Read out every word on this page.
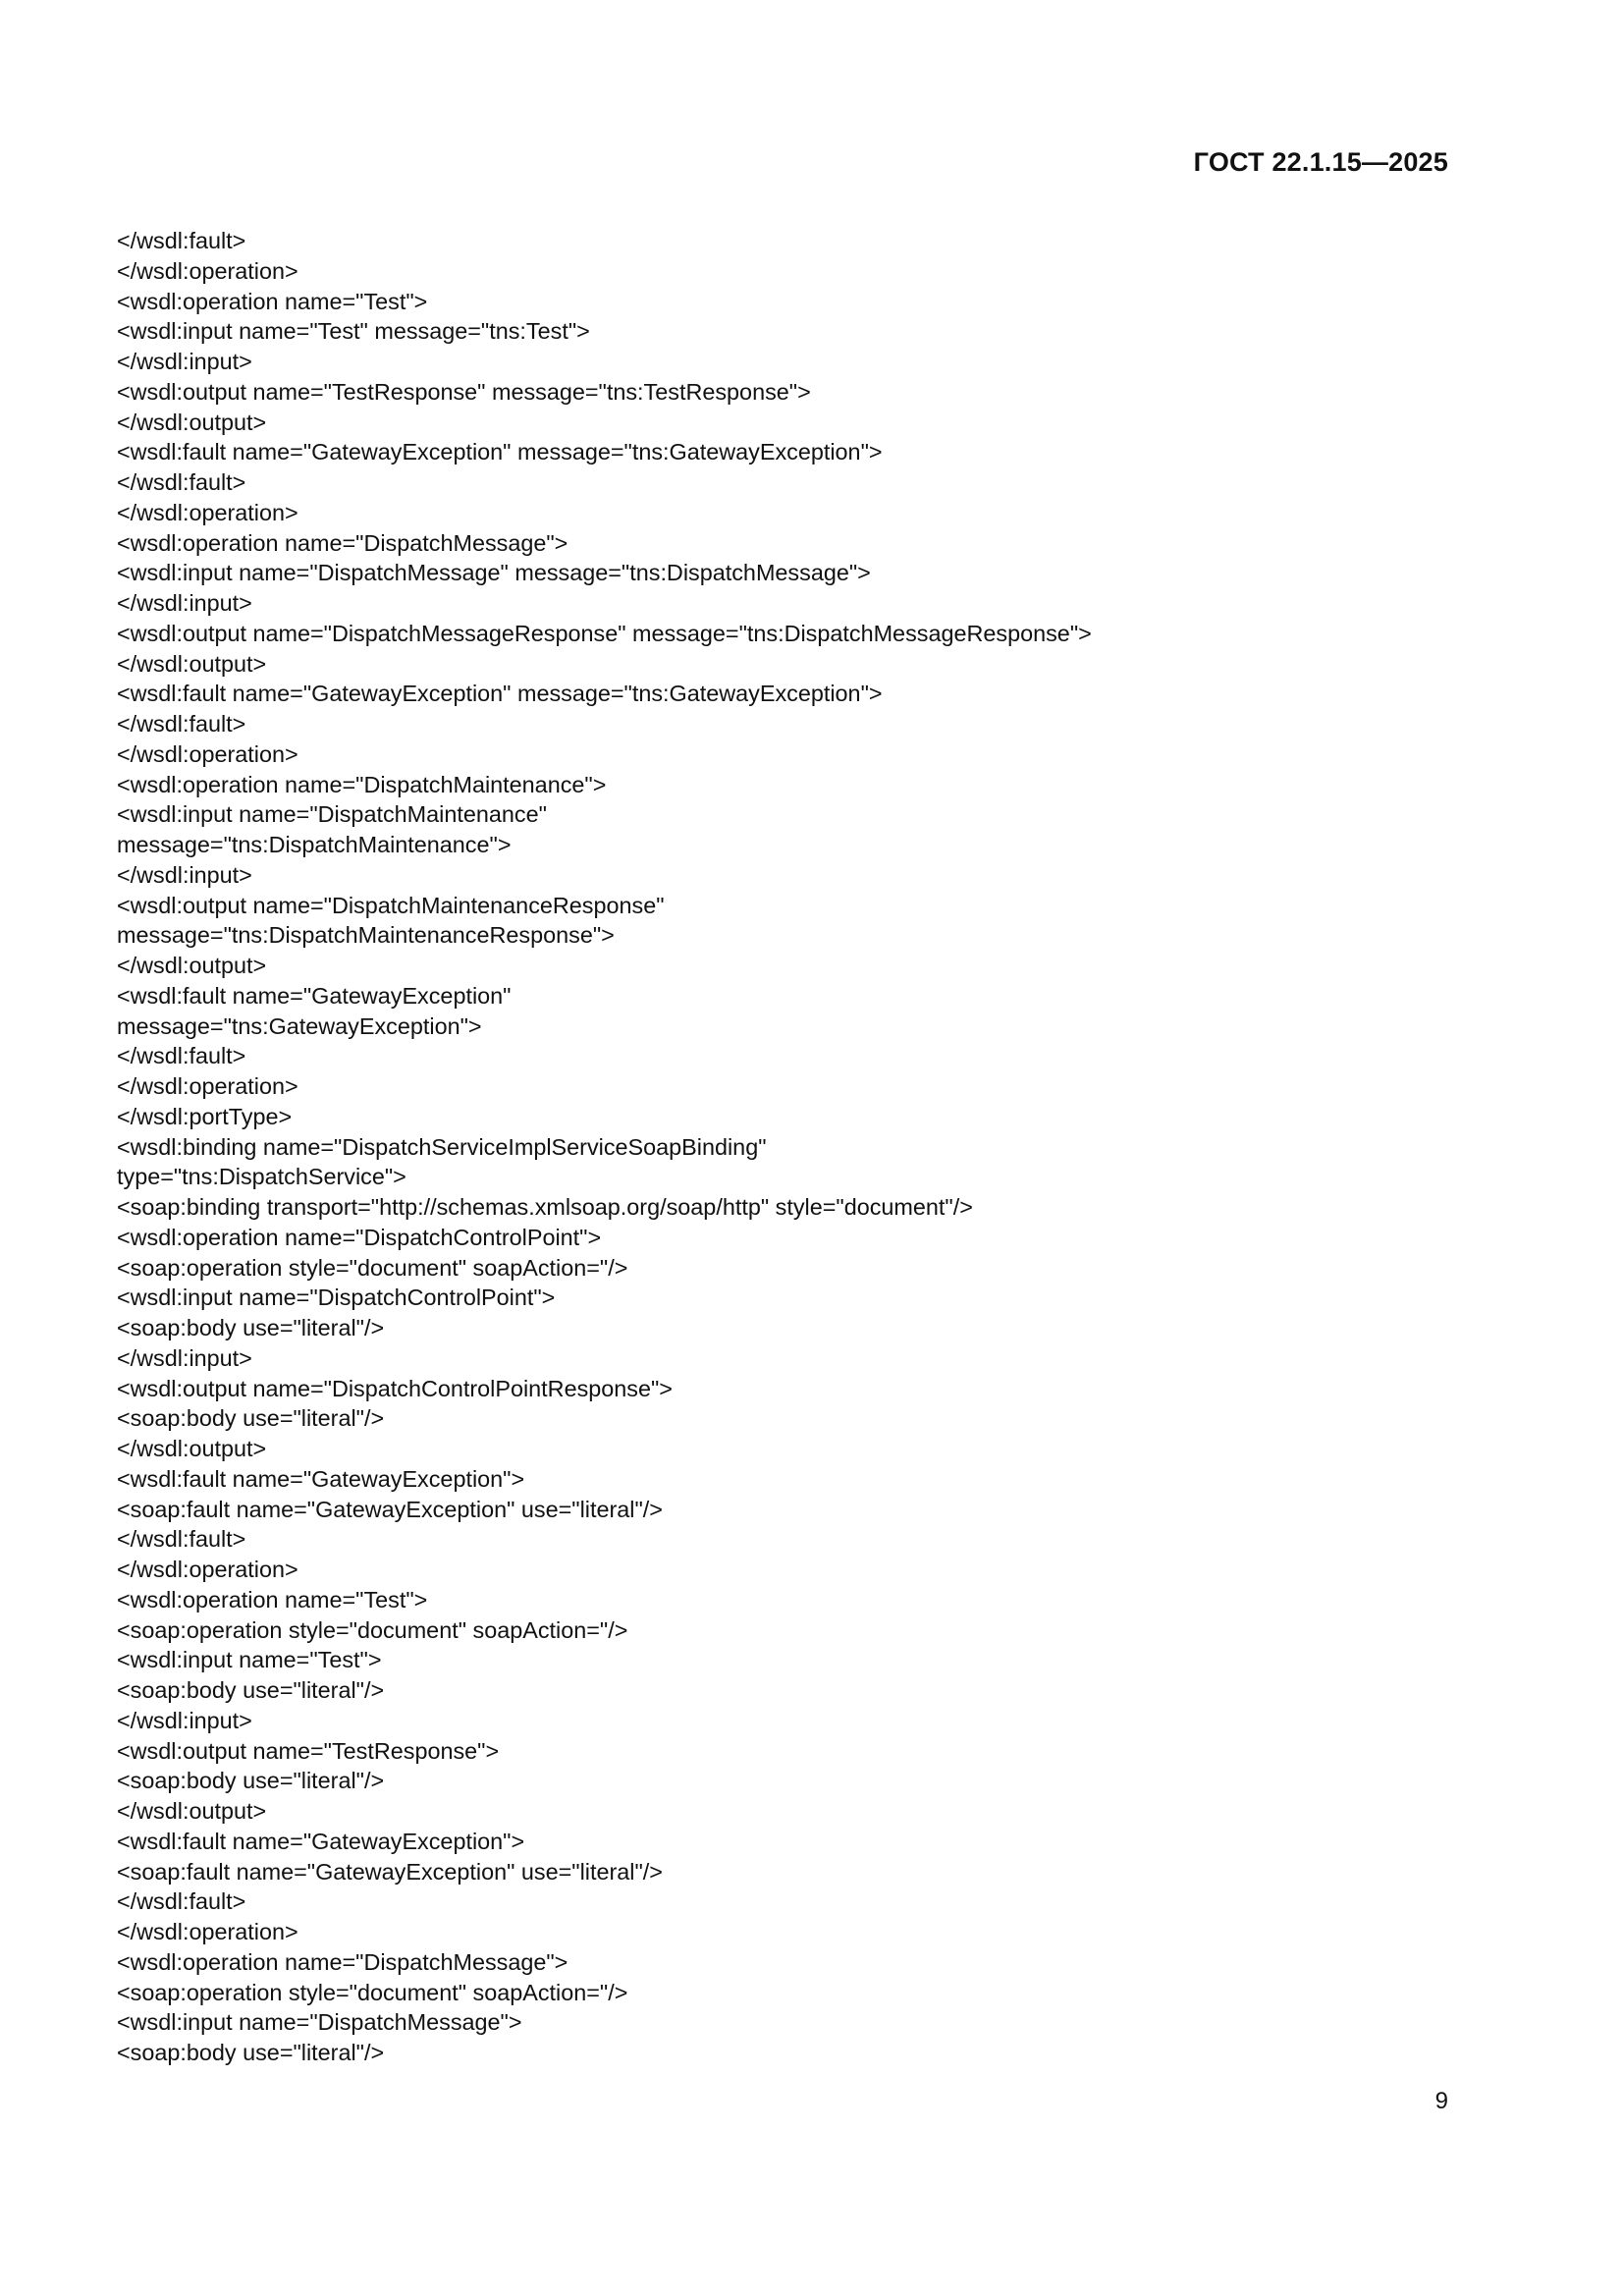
ГОСТ 22.1.15—2025
</wsdl:fault>
</wsdl:operation>
<wsdl:operation name="Test">
<wsdl:input name="Test" message="tns:Test">
</wsdl:input>
<wsdl:output name="TestResponse" message="tns:TestResponse">
</wsdl:output>
<wsdl:fault name="GatewayException" message="tns:GatewayException">
</wsdl:fault>
</wsdl:operation>
<wsdl:operation name="DispatchMessage">
<wsdl:input name="DispatchMessage" message="tns:DispatchMessage">
</wsdl:input>
<wsdl:output name="DispatchMessageResponse" message="tns:DispatchMessageResponse">
</wsdl:output>
<wsdl:fault name="GatewayException" message="tns:GatewayException">
</wsdl:fault>
</wsdl:operation>
<wsdl:operation name="DispatchMaintenance">
<wsdl:input name="DispatchMaintenance"
message="tns:DispatchMaintenance">
</wsdl:input>
<wsdl:output name="DispatchMaintenanceResponse"
message="tns:DispatchMaintenanceResponse">
</wsdl:output>
<wsdl:fault name="GatewayException"
message="tns:GatewayException">
</wsdl:fault>
</wsdl:operation>
</wsdl:portType>
<wsdl:binding name="DispatchServiceImplServiceSoapBinding"
type="tns:DispatchService">
<soap:binding transport="http://schemas.xmlsoap.org/soap/http" style="document"/>
<wsdl:operation name="DispatchControlPoint">
<soap:operation style="document" soapAction="/>
<wsdl:input name="DispatchControlPoint">
<soap:body use="literal"/>
</wsdl:input>
<wsdl:output name="DispatchControlPointResponse">
<soap:body use="literal"/>
</wsdl:output>
<wsdl:fault name="GatewayException">
<soap:fault name="GatewayException" use="literal"/>
</wsdl:fault>
</wsdl:operation>
<wsdl:operation name="Test">
<soap:operation style="document" soapAction="/>
<wsdl:input name="Test">
<soap:body use="literal"/>
</wsdl:input>
<wsdl:output name="TestResponse">
<soap:body use="literal"/>
</wsdl:output>
<wsdl:fault name="GatewayException">
<soap:fault name="GatewayException" use="literal"/>
</wsdl:fault>
</wsdl:operation>
<wsdl:operation name="DispatchMessage">
<soap:operation style="document" soapAction="/>
<wsdl:input name="DispatchMessage">
<soap:body use="literal"/>
9
